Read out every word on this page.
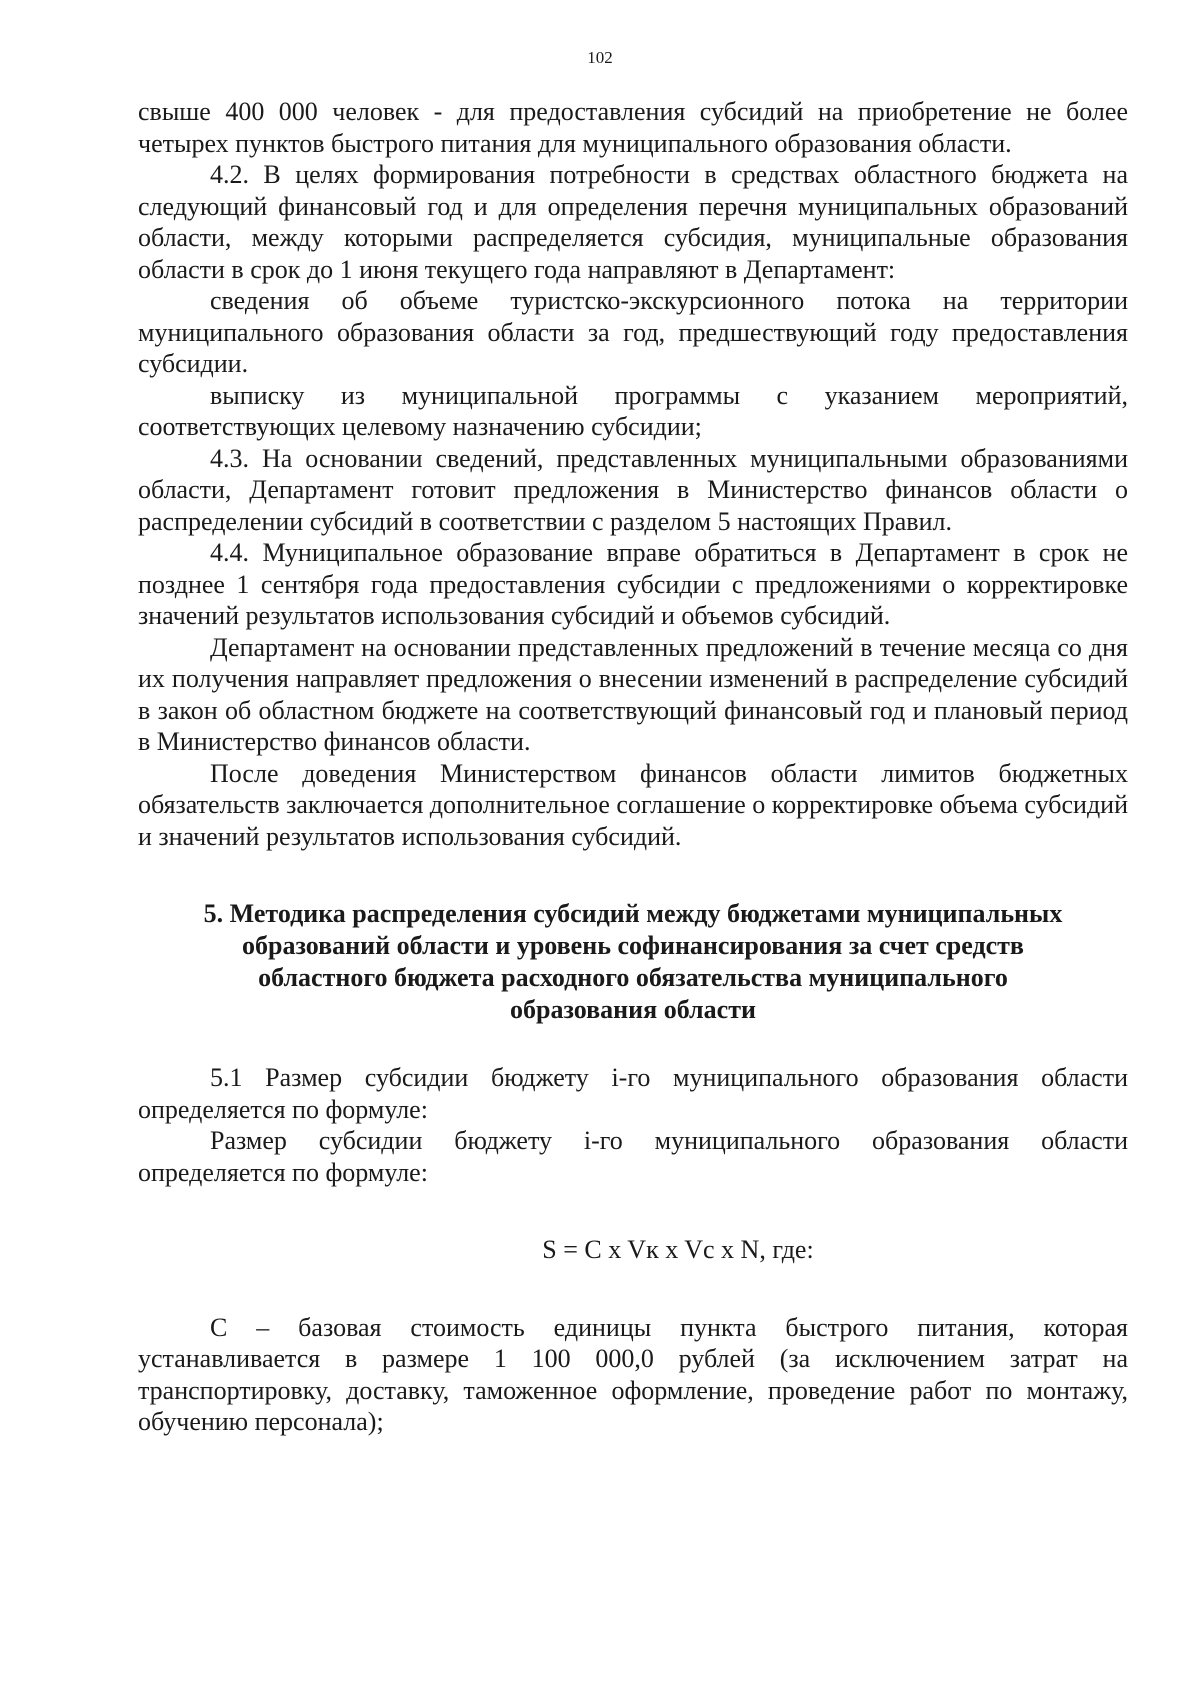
102

свыше 400 000 человек - для предоставления субсидий на приобретение не более четырех пунктов быстрого питания для муниципального образования области.

4.2. В целях формирования потребности в средствах областного бюджета на следующий финансовый год и для определения перечня муниципальных образований области, между которыми распределяется субсидия, муниципальные образования области в срок до 1 июня текущего года направляют в Департамент:

сведения об объеме туристско-экскурсионного потока на территории муниципального образования области за год, предшествующий году предоставления субсидии.

выписку из муниципальной программы с указанием мероприятий, соответствующих целевому назначению субсидии;

4.3. На основании сведений, представленных муниципальными образованиями области, Департамент готовит предложения в Министерство финансов области о распределении субсидий в соответствии с разделом 5 настоящих Правил.

4.4. Муниципальное образование вправе обратиться в Департамент в срок не позднее 1 сентября года предоставления субсидии с предложениями о корректировке значений результатов использования субсидий и объемов субсидий.

Департамент на основании представленных предложений в течение месяца со дня их получения направляет предложения о внесении изменений в распределение субсидий в закон об областном бюджете на соответствующий финансовый год и плановый период в Министерство финансов области.

После доведения Министерством финансов области лимитов бюджетных обязательств заключается дополнительное соглашение о корректировке объема субсидий и значений результатов использования субсидий.

5. Методика распределения субсидий между бюджетами муниципальных образований области и уровень софинансирования за счет средств областного бюджета расходного обязательства муниципального образования области

5.1 Размер субсидии бюджету i-го муниципального образования области определяется по формуле:

Размер субсидии бюджету i-го муниципального образования области определяется по формуле:

S = C x Vк x Vс x N, где:

C – базовая стоимость единицы пункта быстрого питания, которая устанавливается в размере 1 100 000,0 рублей (за исключением затрат на транспортировку, доставку, таможенное оформление, проведение работ по монтажу, обучению персонала);
